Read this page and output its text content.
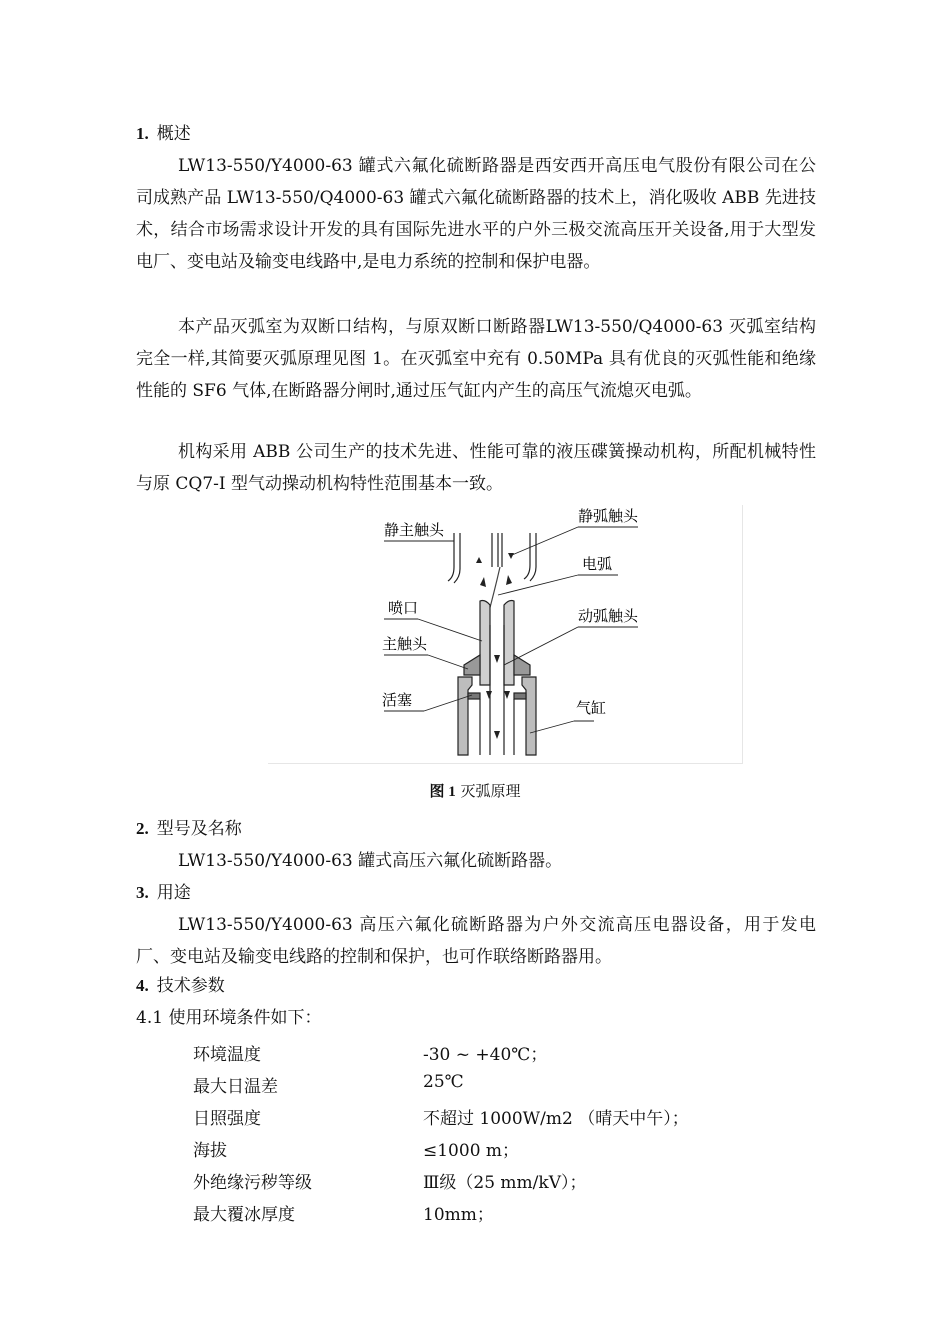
1. 概述
LW13-550/Y4000-63 罐式六氟化硫断路器是西安西开高压电气股份有限公司在公司成熟产品 LW13-550/Q4000-63 罐式六氟化硫断路器的技术上，消化吸收 ABB 先进技术，结合市场需求设计开发的具有国际先进水平的户外三极交流高压开关设备,用于大型发电厂、变电站及输变电线路中,是电力系统的控制和保护电器。
本产品灭弧室为双断口结构，与原双断口断路器LW13-550/Q4000-63 灭弧室结构完全一样,其简要灭弧原理见图 1。在灭弧室中充有 0.50MPa 具有优良的灭弧性能和绝缘性能的 SF6 气体,在断路器分闸时,通过压气缸内产生的高压气流熄灭电弧。
机构采用 ABB 公司生产的技术先进、性能可靠的液压碟簧操动机构，所配机械特性与原 CQ7-I 型气动操动机构特性范围基本一致。
静主触头
静弧触头
电弧
喷口	动弧触头
主触头
活塞	气缸
图 1 灭弧原理
2. 型号及名称
LW13-550/Y4000-63 罐式高压六氟化硫断路器。
3. 用途
LW13-550/Y4000-63 高压六氟化硫断路器为户外交流高压电器设备，用于发电厂、变电站及输变电线路的控制和保护，也可作联络断路器用。
4. 技术参数
4.1 使用环境条件如下：
环境温度	-30 ~ +40℃；
最大日温差	25℃
日照强度	不超过 1000W/m2 （晴天中午）；
海拔	≤1000 m；
外绝缘污秽等级	Ⅲ级（25 mm/kV）；
最大覆冰厚度	10mm；
